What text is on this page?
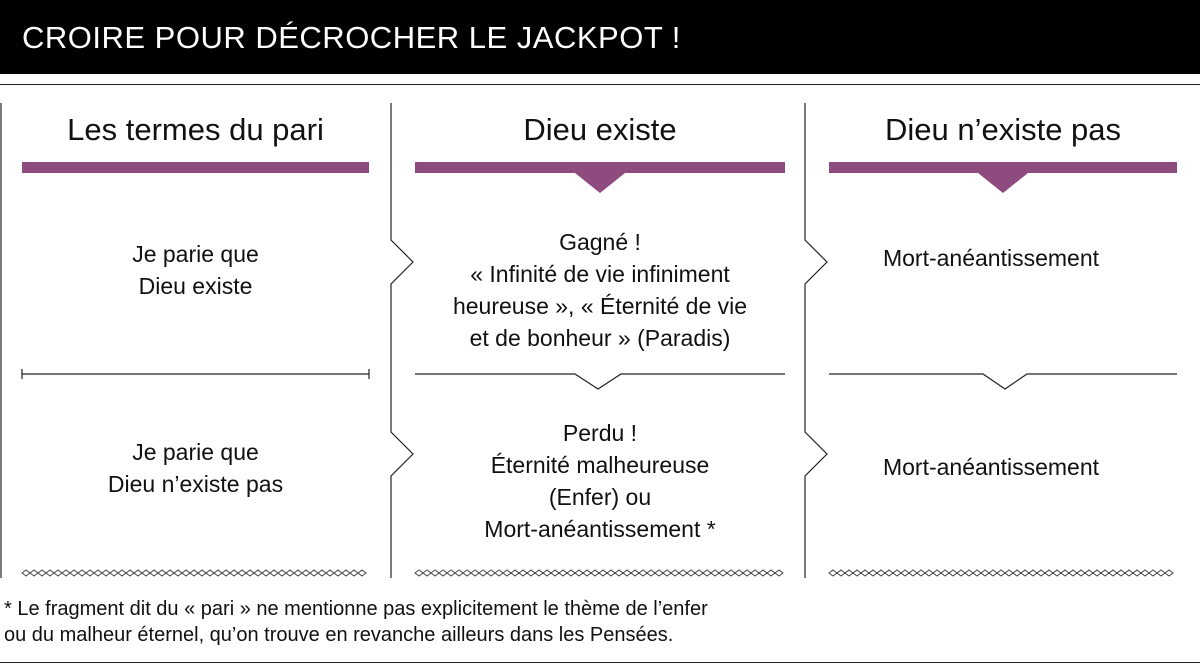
CROIRE POUR DÉCROCHER LE JACKPOT !
Les termes du pari	Dieu existe	Dieu n’existe pas
Je parie que
Dieu existe
Gagné !
« Infinité de vie infiniment
heureuse », « Éternité de vie
et de bonheur » (Paradis)
Mort-anéantissement
Je parie que
Dieu n’existe pas
Perdu !
Éternité malheureuse
(Enfer) ou
Mort-anéantissement *
Mort-anéantissement
* Le fragment dit du « pari » ne mentionne pas explicitement le thème de l’enfer
ou du malheur éternel, qu’on trouve en revanche ailleurs dans les Pensées.
